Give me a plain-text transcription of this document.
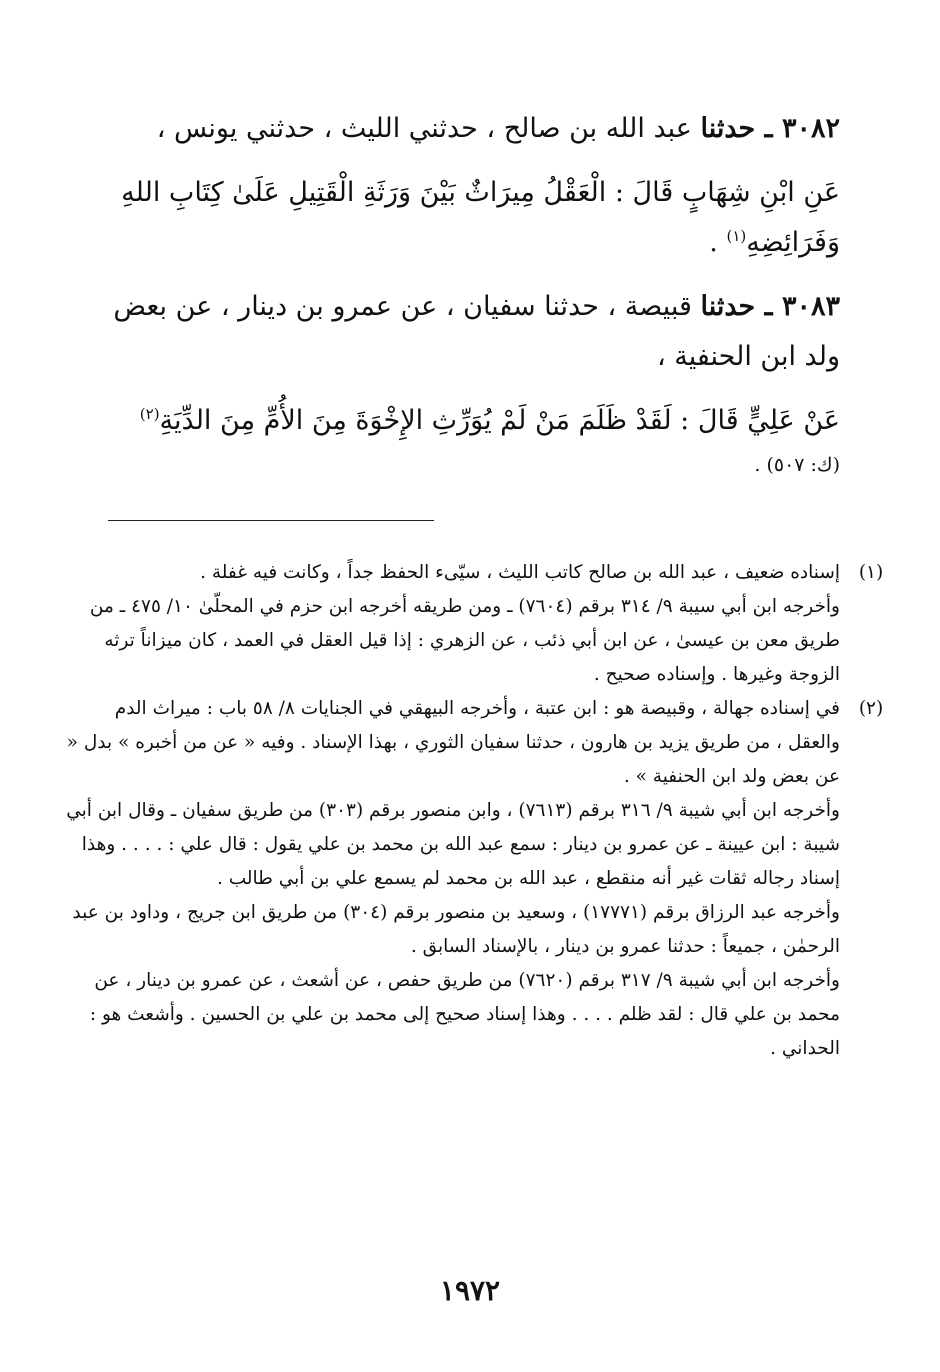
٣٠٨٢ ـ حدثنا عبد الله بن صالح ، حدثني الليث ، حدثني يونس ،

عَنِ ابْنِ شِهَابٍ قَالَ : الْعَقْلُ مِيرَاثٌ بَيْنَ وَرَثَةِ الْقَتِيلِ عَلَىٰ كِتَابِ اللهِ وَفَرَائِضِهِ$^{(١)}$ .

٣٠٨٣ ـ حدثنا قبيصة ، حدثنا سفيان ، عن عمرو بن دينار ، عن بعض ولد ابن الحنفية ،

عَنْ عَلِيٍّ قَالَ : لَقَدْ ظَلَمَ مَنْ لَمْ يُوَرِّثِ الإِخْوَةَ مِنَ الأُمِّ مِنَ الدِّيَةِ$^{(٢)}$

(ك: ٥٠٧) .
(١)

إسناده ضعيف ، عبد الله بن صالح كاتب الليث ، سيّىء الحفظ جداً ، وكانت فيه غفلة .

وأخرجه ابن أبي سيبة ٩/ ٣١٤ برقم (٧٦٠٤) ـ ومن طريقه أخرجه ابن حزم في المحلّىٰ ١٠/ ٤٧٥ ـ من طريق معن بن عيسىٰ ، عن ابن أبي ذئب ، عن الزهري : إذا قيل العقل في العمد ، كان ميزاناً ترثه الزوجة وغيرها . وإسناده صحيح .

(٢)

في إسناده جهالة ، وقبيصة هو : ابن عتبة ، وأخرجه البيهقي في الجنايات ٨/ ٥٨ باب : ميراث الدم والعقل ، من طريق يزيد بن هارون ، حدثنا سفيان الثوري ، بهذا الإسناد . وفيه « عن من أخبره » بدل « عن بعض ولد ابن الحنفية » .

وأخرجه ابن أبي شيبة ٩/ ٣١٦ برقم (٧٦١٣) ، وابن منصور برقم (٣٠٣) من طريق سفيان ـ وقال ابن أبي شيبة : ابن عيينة ـ عن عمرو بن دينار : سمع عبد الله بن محمد بن علي يقول : قال علي : . . . . وهذا إسناد رجاله ثقات غير أنه منقطع ، عبد الله بن محمد لم يسمع علي بن أبي طالب .

وأخرجه عبد الرزاق برقم (١٧٧٧١) ، وسعيد بن منصور برقم (٣٠٤) من طريق ابن جريج ، وداود بن عبد الرحمٰن ، جميعاً : حدثنا عمرو بن دينار ، بالإسناد السابق .

وأخرجه ابن أبي شيبة ٩/ ٣١٧ برقم (٧٦٢٠) من طريق حفص ، عن أشعث ، عن عمرو بن دينار ، عن محمد بن علي قال : لقد ظلم . . . . وهذا إسناد صحيح إلى محمد بن علي بن الحسين . وأشعث هو : الحداني .

١٩٧٢
